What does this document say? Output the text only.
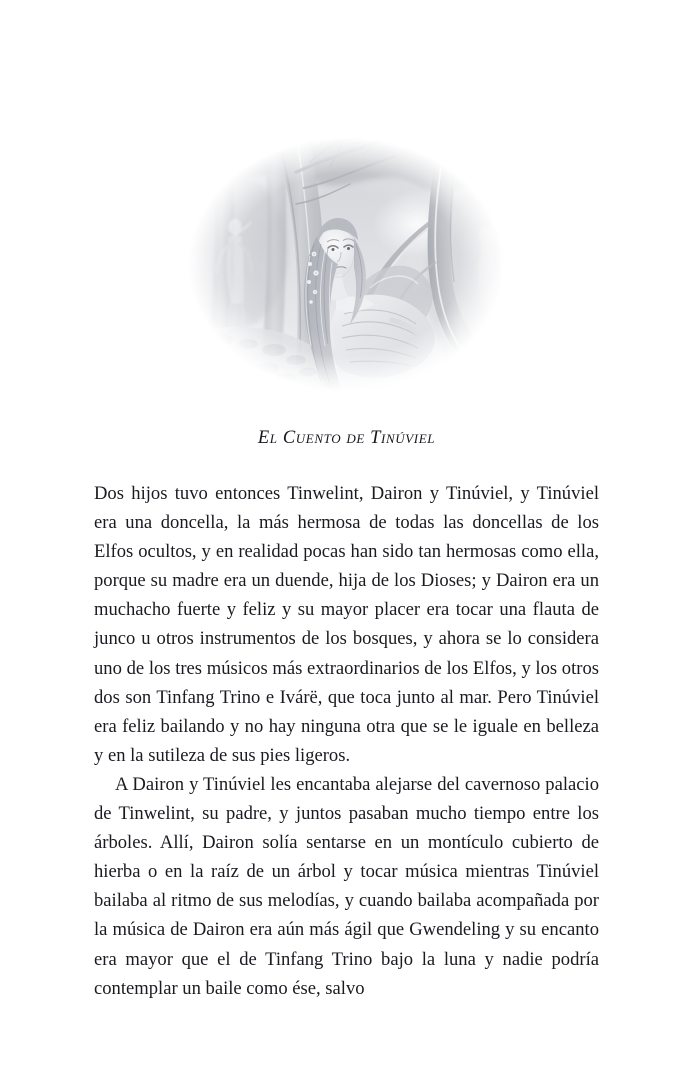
El Cuento de Tinúviel

Dos hijos tuvo entonces Tinwelint, Dairon y Tinúviel, y Tinúviel era una doncella, la más hermosa de todas las doncellas de los Elfos ocultos, y en realidad pocas han sido tan hermosas como ella, porque su madre era un duende, hija de los Dioses; y Dairon era un muchacho fuerte y feliz y su mayor placer era tocar una flauta de junco u otros instrumentos de los bosques, y ahora se lo considera uno de los tres músicos más extraordinarios de los Elfos, y los otros dos son Tinfang Trino e Ivárë, que toca junto al mar. Pero Tinúviel era feliz bailando y no hay ninguna otra que se le iguale en belleza y en la sutileza de sus pies ligeros.

A Dairon y Tinúviel les encantaba alejarse del cavernoso palacio de Tinwelint, su padre, y juntos pasaban mucho tiempo entre los árboles. Allí, Dairon solía sentarse en un montículo cubierto de hierba o en la raíz de un árbol y tocar música mientras Tinúviel bailaba al ritmo de sus melodías, y cuando bailaba acompañada por la música de Dairon era aún más ágil que Gwendeling y su encanto era mayor que el de Tinfang Trino bajo la luna y nadie podría contemplar un baile como ése, salvo
